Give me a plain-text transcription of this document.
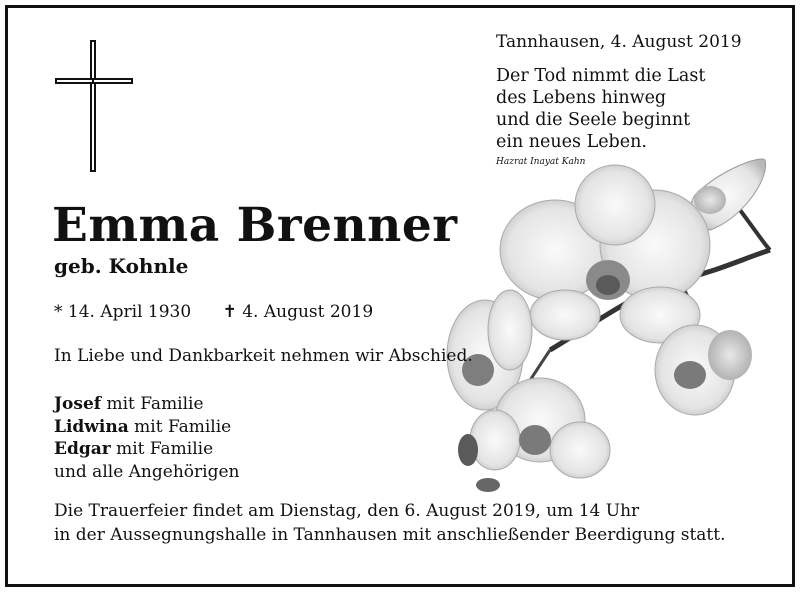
Tannhausen, 4. August 2019
Der Tod nimmt die Last
des Lebens hinweg
und die Seele beginnt
ein neues Leben.
Hazrat Inayat Kahn
Emma Brenner
geb. Kohnle
* 14. April 1930 ✝ 4. August 2019
In Liebe und Dankbarkeit nehmen wir Abschied.
Josef mit Familie
Lidwina mit Familie
Edgar mit Familie
und alle Angehörigen
Die Trauerfeier findet am Dienstag, den 6. August 2019, um 14 Uhr
in der Aussegnungshalle in Tannhausen mit anschließender Beerdigung statt.
